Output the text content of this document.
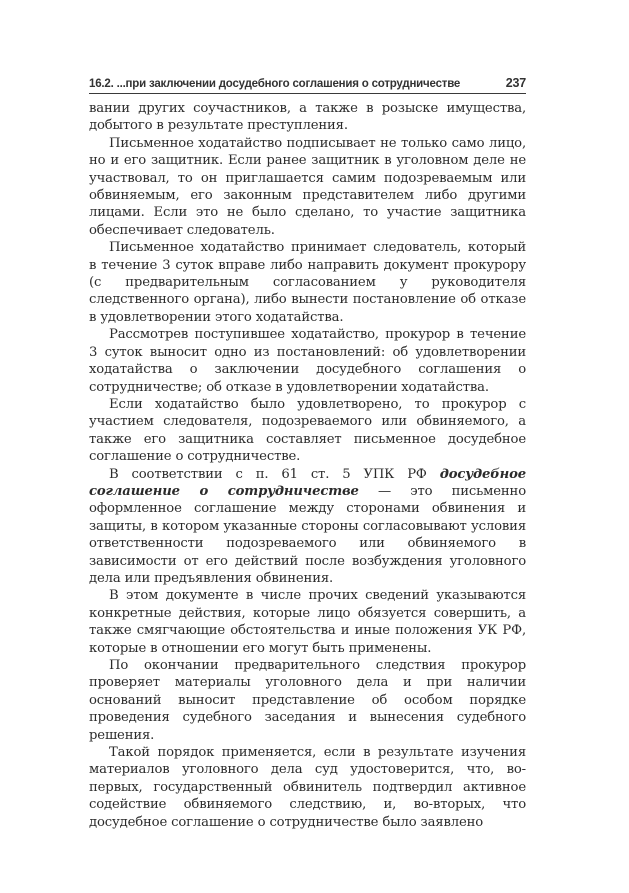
16.2. ...при заключении досудебного соглашения о сотрудничестве	237

вании других соучастников, а также в розыске имущества, добытого в результате преступления.

Письменное ходатайство подписывает не только само лицо, но и его защитник. Если ранее защитник в уголовном деле не участвовал, то он приглашается самим подозреваемым или обвиняемым, его законным представителем либо другими лицами. Если это не было сделано, то участие защитника обеспечивает следователь.

Письменное ходатайство принимает следователь, который в течение 3 суток вправе либо направить документ прокурору (с предварительным согласованием у руководителя следственного органа), либо вынести постановление об отказе в удовлетворении этого ходатайства.

Рассмотрев поступившее ходатайство, прокурор в течение 3 суток выносит одно из постановлений: об удовлетворении ходатайства о заключении досудебного соглашения о сотрудничестве; об отказе в удовлетворении ходатайства.

Если ходатайство было удовлетворено, то прокурор с участием следователя, подозреваемого или обвиняемого, а также его защитника составляет письменное досудебное соглашение о сотрудничестве.

В соответствии с п. 61 ст. 5 УПК РФ досудебное соглашение о сотрудничестве — это письменно оформленное соглашение между сторонами обвинения и защиты, в котором указанные стороны согласовывают условия ответственности подозреваемого или обвиняемого в зависимости от его действий после возбуждения уголовного дела или предъявления обвинения.

В этом документе в числе прочих сведений указываются конкретные действия, которые лицо обязуется совершить, а также смягчающие обстоятельства и иные положения УК РФ, которые в отношении его могут быть применены.

По окончании предварительного следствия прокурор проверяет материалы уголовного дела и при наличии оснований выносит представление об особом порядке проведения судебного заседания и вынесения судебного решения.

Такой порядок применяется, если в результате изучения материалов уголовного дела суд удостоверится, что, во-первых, государственный обвинитель подтвердил активное содействие обвиняемого следствию, и, во-вторых, что досудебное соглашение о сотрудничестве было заявлено
